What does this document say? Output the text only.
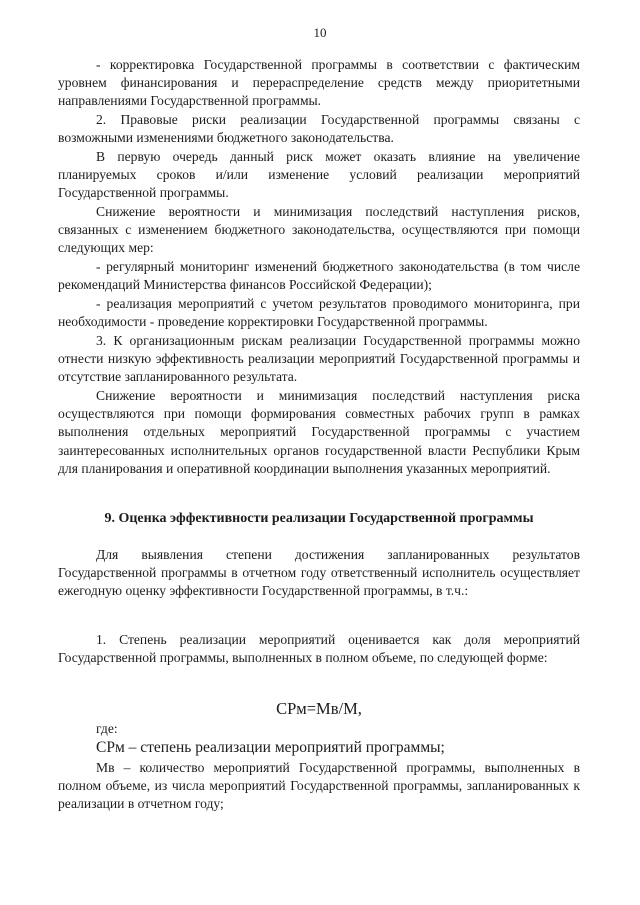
10

- корректировка Государственной программы в соответствии с фактическим уровнем финансирования и перераспределение средств между приоритетными направлениями Государственной программы.

2. Правовые риски реализации Государственной программы связаны с возможными изменениями бюджетного законодательства.

В первую очередь данный риск может оказать влияние на увеличение планируемых сроков и/или изменение условий реализации мероприятий Государственной программы.

Снижение вероятности и минимизация последствий наступления рисков, связанных с изменением бюджетного законодательства, осуществляются при помощи следующих мер:

- регулярный мониторинг изменений бюджетного законодательства (в том числе рекомендаций Министерства финансов Российской Федерации);

- реализация мероприятий с учетом результатов проводимого мониторинга, при необходимости - проведение корректировки Государственной программы.

3. К организационным рискам реализации Государственной программы можно отнести низкую эффективность реализации мероприятий Государственной программы и отсутствие запланированного результата.

Снижение вероятности и минимизация последствий наступления риска осуществляются при помощи формирования совместных рабочих групп в рамках выполнения отдельных мероприятий Государственной программы с участием заинтересованных исполнительных органов государственной власти Республики Крым для планирования и оперативной координации выполнения указанных мероприятий.

9. Оценка эффективности реализации Государственной программы

Для выявления степени достижения запланированных результатов Государственной программы в отчетном году ответственный исполнитель осуществляет ежегодную оценку эффективности Государственной программы, в т.ч.:

1. Степень реализации мероприятий оценивается как доля мероприятий Государственной программы, выполненных в полном объеме, по следующей форме:

СРм=Мв/М,

где:

СРм – степень реализации мероприятий программы;

Мв – количество мероприятий Государственной программы, выполненных в полном объеме, из числа мероприятий Государственной программы, запланированных к реализации в отчетном году;
